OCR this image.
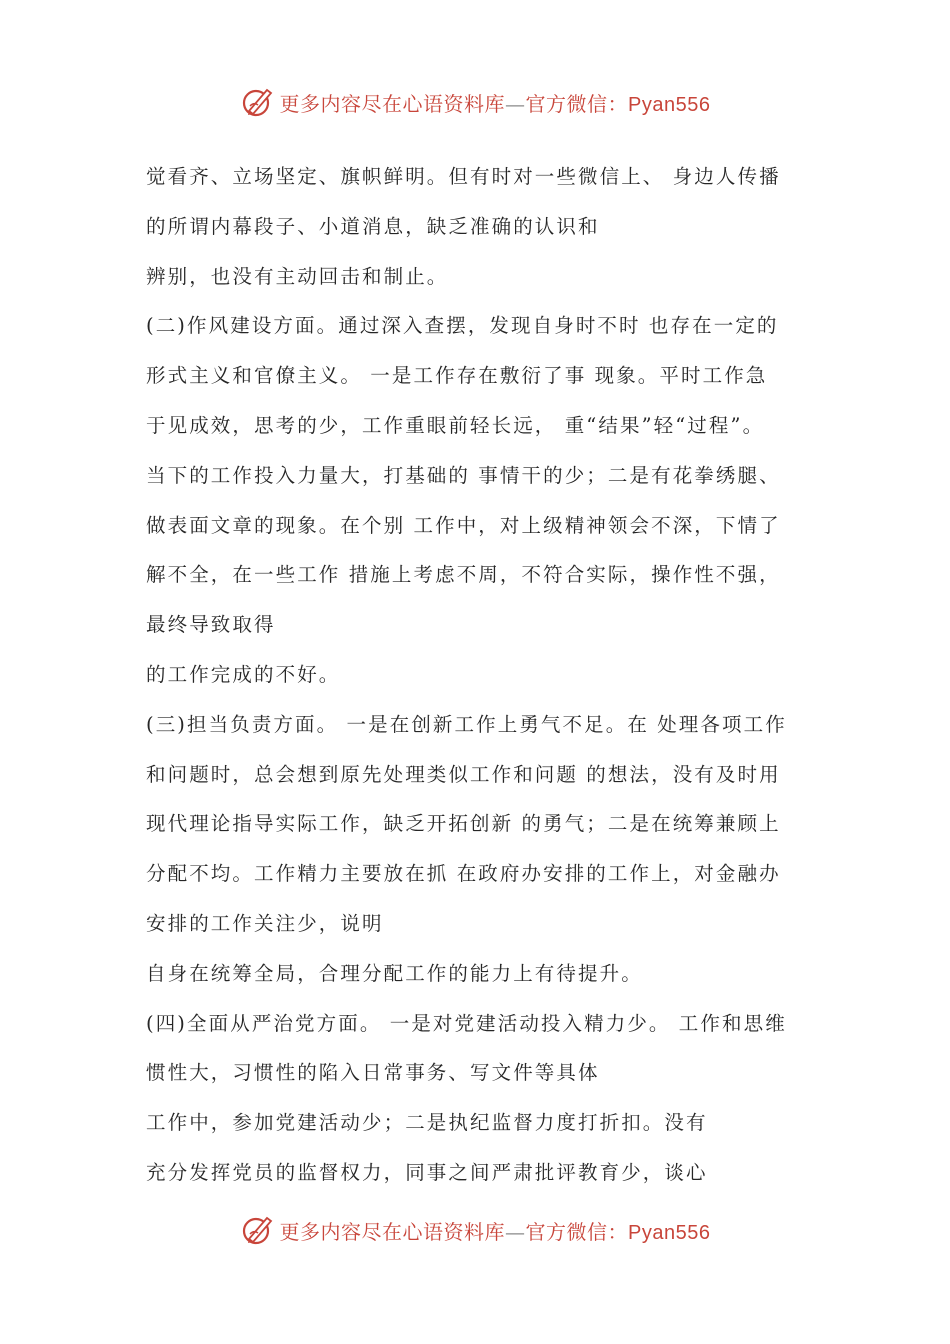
更多内容尽在心语资料库—官方微信：Pyan556
觉看齐、立场坚定、旗帜鲜明。但有时对一些微信上、 身边人传播
的所谓内幕段子、小道消息，缺乏准确的认识和
辨别，也没有主动回击和制止。
(二)作风建设方面。通过深入查摆，发现自身时不时 也存在一定的
形式主义和官僚主义。 一是工作存在敷衍了事 现象。平时工作急
于见成效，思考的少，工作重眼前轻长远， 重“结果”轻“过程”。
当下的工作投入力量大，打基础的 事情干的少；二是有花拳绣腿、
做表面文章的现象。在个别 工作中，对上级精神领会不深，下情了
解不全，在一些工作 措施上考虑不周，不符合实际，操作性不强，
最终导致取得
的工作完成的不好。
(三)担当负责方面。 一是在创新工作上勇气不足。在 处理各项工作
和问题时，总会想到原先处理类似工作和问题 的想法，没有及时用
现代理论指导实际工作，缺乏开拓创新 的勇气；二是在统筹兼顾上
分配不均。工作精力主要放在抓 在政府办安排的工作上，对金融办
安排的工作关注少，说明
自身在统筹全局，合理分配工作的能力上有待提升。
(四)全面从严治党方面。 一是对党建活动投入精力少。 工作和思维
惯性大，习惯性的陷入日常事务、写文件等具体
工作中，参加党建活动少；二是执纪监督力度打折扣。没有
充分发挥党员的监督权力，同事之间严肃批评教育少，谈心
更多内容尽在心语资料库—官方微信：Pyan556
